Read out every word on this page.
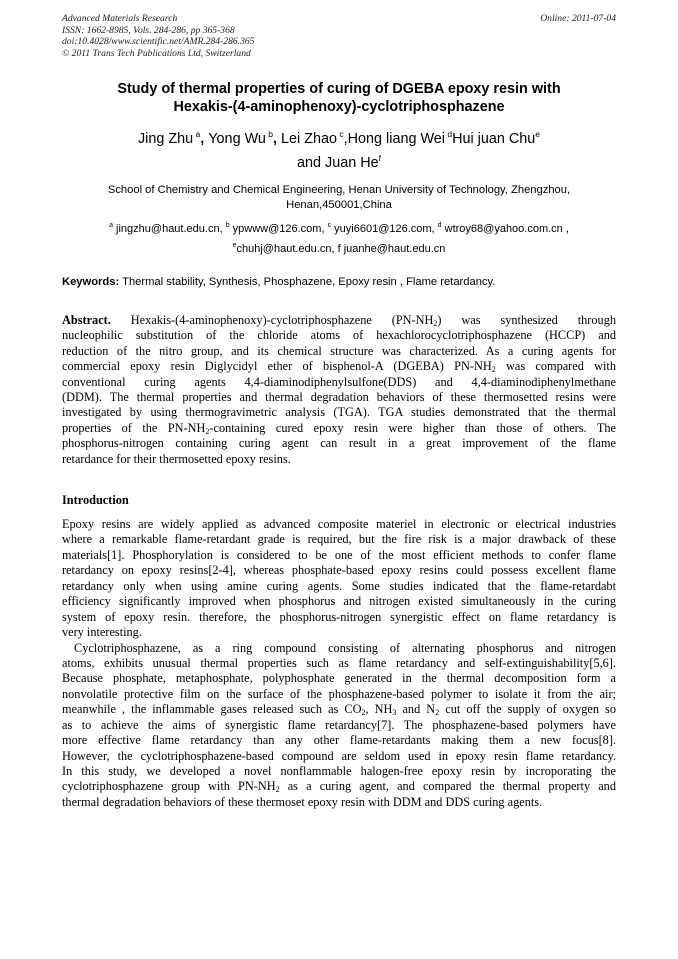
Advanced Materials Research
ISSN: 1662-8985, Vols. 284-286, pp 365-368
doi:10.4028/www.scientific.net/AMR.284-286.365
© 2011 Trans Tech Publications Ltd, Switzerland
Online: 2011-07-04
Study of thermal properties of curing of DGEBA epoxy resin with
Hexakis-(4-aminophenoxy)-cyclotriphosphazene
Jing Zhu $^a$, Yong Wu $^b$, Lei Zhao $^c$,Hong liang Wei $^d$Hui juan Chu$^e$
and Juan He$^f$
School of Chemistry and Chemical Engineering, Henan University of Technology, Zhengzhou,
Henan,450001,China
$^a$ jingzhu@haut.edu.cn, $^b$ ypwww@126.com, $^c$ yuyi6601@126.com, $^d$ wtroy68@yahoo.com.cn ,
$^e$chuhj@haut.edu.cn, f juanhe@haut.edu.cn
Keywords: Thermal stability, Synthesis, Phosphazene, Epoxy resin , Flame retardancy.
Abstract. Hexakis-(4-aminophenoxy)-cyclotriphosphazene $(PN-NH_2)$ was synthesized through
nucleophilic substitution of the chloride atoms of hexachlorocyclotriphosphazene (HCCP) and
reduction of the nitro group, and its chemical structure was characterized. As a curing agents for
commercial epoxy resin Diglycidyl ether of bisphenol-A (DGEBA) $PN-NH_2$ was compared with
conventional curing agents 4,4-diaminodiphenylsulfone(DDS) and 4,4-diaminodiphenylmethane
(DDM). The thermal properties and thermal degradation behaviors of these thermosetted resins were
investigated by using thermogravimetric analysis (TGA). TGA studies demonstrated that the thermal
properties of the $PN-NH_2$-containing cured epoxy resin were higher than those of others. The
phosphorus-nitrogen containing curing agent can result in a great improvement of the flame
retardance for their thermosetted epoxy resins.
Introduction
Epoxy resins are widely applied as advanced composite materiel in electronic or electrical industries
where a remarkable flame-retardant grade is required, but the fire risk is a major drawback of these
materials[1]. Phosphorylation is considered to be one of the most efficient methods to confer flame
retardancy on epoxy resins[2-4], whereas phosphate-based epoxy resins could possess excellent flame
retardancy only when using amine curing agents. Some studies indicated that the flame-retardabt
efficiency significantly improved when phosphorus and nitrogen existed simultaneously in the curing
system of epoxy resin. therefore, the phosphorus-nitrogen synergistic effect on flame retardancy is
very interesting.
Cyclotriphosphazene, as a ring compound consisting of alternating phosphorus and nitrogen
atoms, exhibits unusual thermal properties such as flame retardancy and self-extinguishability[5,6].
Because phosphate, metaphosphate, polyphosphate generated in the thermal decomposition form a
nonvolatile protective film on the surface of the phosphazene-based polymer to isolate it from the air;
meanwhile , the inflammable gases released such as $CO_2$, $NH_3$ and $N_2$ cut off the supply of oxygen so
as to achieve the aims of synergistic flame retardancy[7]. The phosphazene-based polymers have
more effective flame retardancy than any other flame-retardants making them a new focus[8].
However, the cyclotriphosphazene-based compound are seldom used in epoxy resin flame retardancy.
In this study, we developed a novel nonflammable halogen-free epoxy resin by incroporating the
cyclotriphosphazene group with $PN-NH_2$ as a curing agent, and compared the thermal property and
thermal degradation behaviors of these thermoset epoxy resin with DDM and DDS curing agents.
